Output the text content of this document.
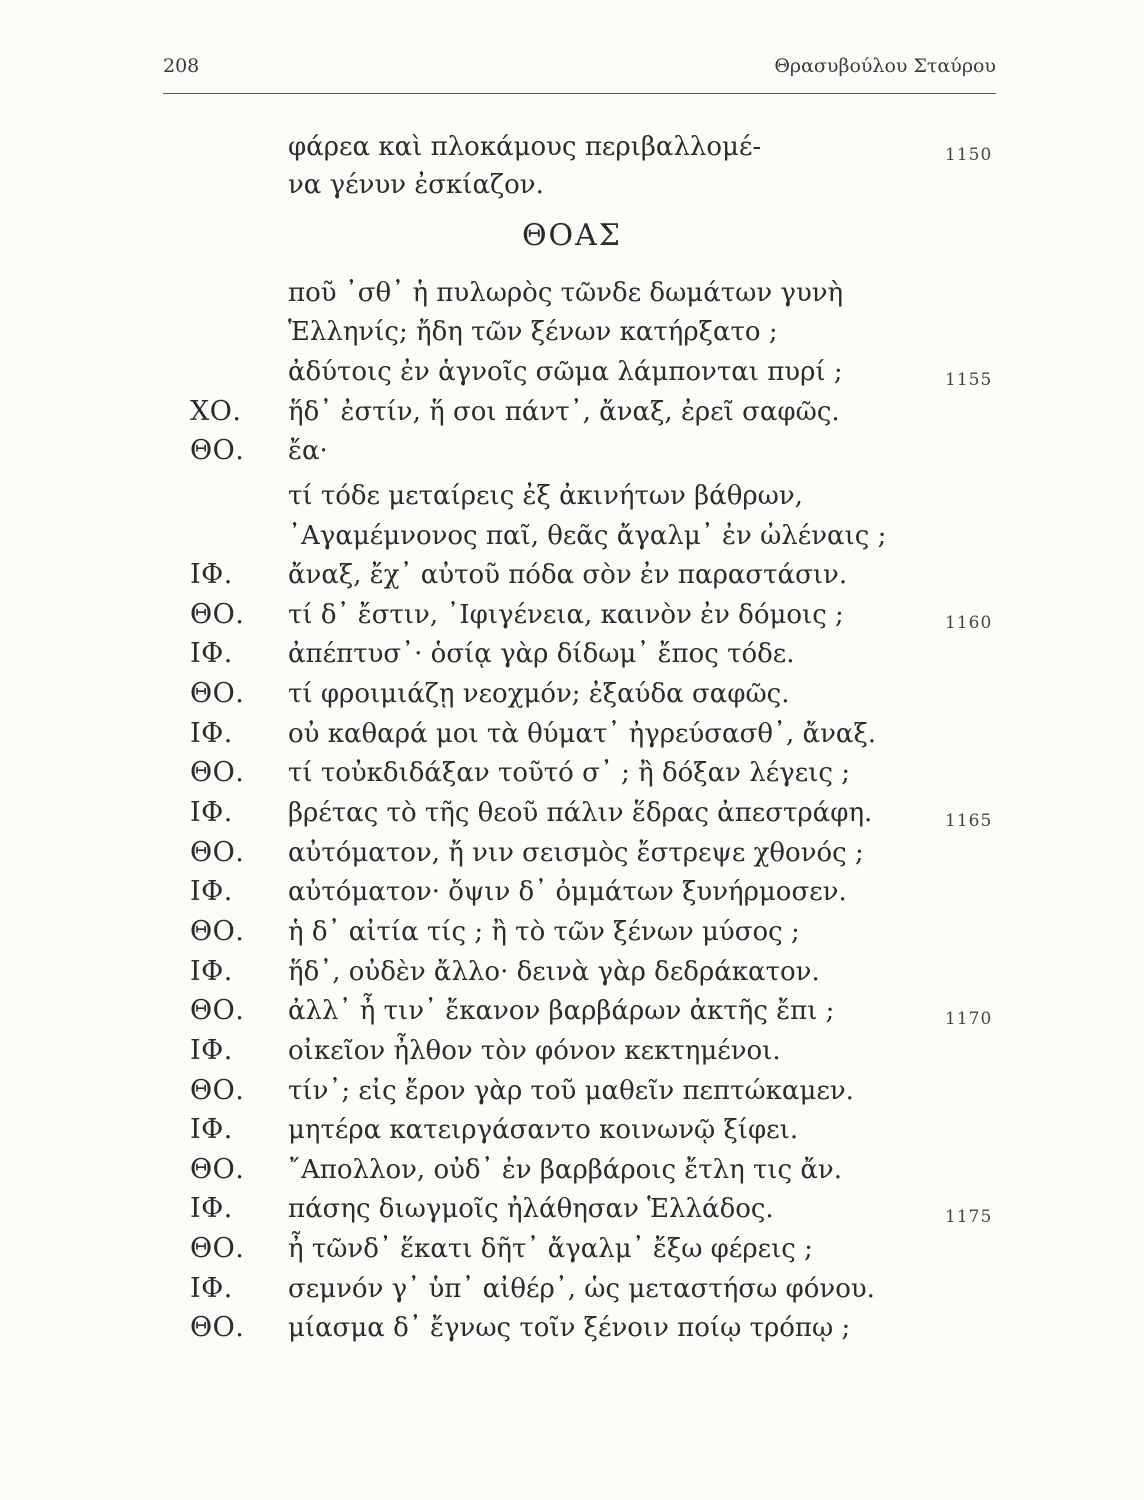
208	Θρασυβούλου Σταύρου
φάρεα καὶ πλοκάμους περιβαλλομέ-	1150
να γένυν ἐσκίαζον.
ΘΟΑΣ
ποῦ ᾽σθ᾽ ἡ πυλωρὸς τῶνδε δωμάτων γυνὴ
Ἑλληνίς; ἤδη τῶν ξένων κατήρξατο ;
ἀδύτοις ἐν ἁγνοῖς σῶμα λάμπονται πυρί ;	1155
ΧΟ. ἥδ᾽ ἐστίν, ἥ σοι πάντ᾽, ἄναξ, ἐρεῖ σαφῶς.
ΘΟ. ἔα·
τί τόδε μεταίρεις ἐξ ἀκινήτων βάθρων,
᾽Αγαμέμνονος παῖ, θεᾶς ἄγαλμ᾽ ἐν ὠλέναις ;
ΙΦ. ἄναξ, ἔχ᾽ αὐτοῦ πόδα σὸν ἐν παραστάσιν.
ΘΟ. τί δ᾽ ἔστιν, ᾽Ιφιγένεια, καινὸν ἐν δόμοις ;	1160
ΙΦ. ἀπέπτυσ᾽· ὁσίᾳ γὰρ δίδωμ᾽ ἔπος τόδε.
ΘΟ. τί φροιμιάζῃ νεοχμόν; ἐξαύδα σαφῶς.
ΙΦ. οὐ καθαρά μοι τὰ θύματ᾽ ἠγρεύσασθ᾽, ἄναξ.
ΘΟ. τί τοὐκδιδάξαν τοῦτό σ᾽ ; ἢ δόξαν λέγεις ;
ΙΦ. βρέτας τὸ τῆς θεοῦ πάλιν ἕδρας ἀπεστράφη.	1165
ΘΟ. αὐτόματον, ἤ νιν σεισμὸς ἔστρεψε χθονός ;
ΙΦ. αὐτόματον· ὄψιν δ᾽ ὀμμάτων ξυνήρμοσεν.
ΘΟ. ἡ δ᾽ αἰτία τίς ; ἢ τὸ τῶν ξένων μύσος ;
ΙΦ. ἥδ᾽, οὐδὲν ἄλλο· δεινὰ γὰρ δεδράκατον.
ΘΟ. ἀλλ᾽ ἦ τιν᾽ ἔκανον βαρβάρων ἀκτῆς ἔπι ;	1170
ΙΦ. οἰκεῖον ἦλθον τὸν φόνον κεκτημένοι.
ΘΟ. τίν᾽; εἰς ἔρον γὰρ τοῦ μαθεῖν πεπτώκαμεν.
ΙΦ. μητέρα κατειργάσαντο κοινωνῷ ξίφει.
ΘΟ. ῎Απολλον, οὐδ᾽ ἐν βαρβάροις ἔτλη τις ἄν.
ΙΦ. πάσης διωγμοῖς ἠλάθησαν Ἑλλάδος.	1175
ΘΟ. ἦ τῶνδ᾽ ἕκατι δῆτ᾽ ἄγαλμ᾽ ἔξω φέρεις ;
ΙΦ. σεμνόν γ᾽ ὑπ᾽ αἰθέρ᾽, ὡς μεταστήσω φόνου.
ΘΟ. μίασμα δ᾽ ἔγνως τοῖν ξένοιν ποίῳ τρόπῳ ;
